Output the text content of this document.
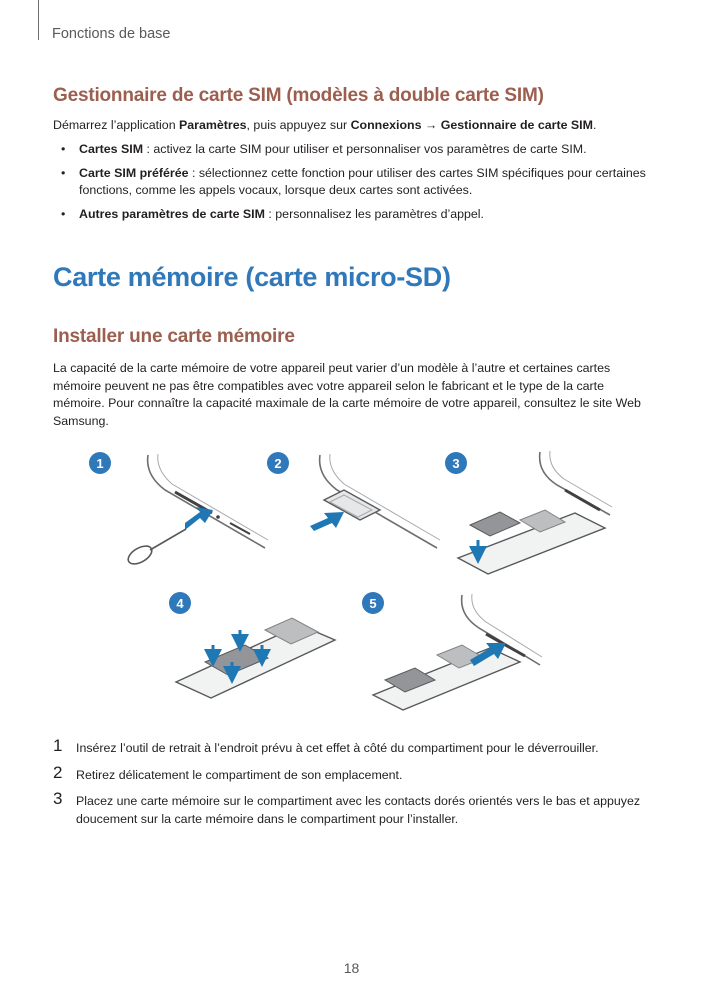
Fonctions de base
Gestionnaire de carte SIM (modèles à double carte SIM)

Démarrez l’application Paramètres, puis appuyez sur Connexions → Gestionnaire de carte SIM.

• Cartes SIM : activez la carte SIM pour utiliser et personnaliser vos paramètres de carte SIM.
• Carte SIM préférée : sélectionnez cette fonction pour utiliser des cartes SIM spécifiques pour certaines fonctions, comme les appels vocaux, lorsque deux cartes sont activées.
• Autres paramètres de carte SIM : personnalisez les paramètres d’appel.
Carte mémoire (carte micro-SD)
Installer une carte mémoire

La capacité de la carte mémoire de votre appareil peut varier d’un modèle à l’autre et certaines cartes mémoire peuvent ne pas être compatibles avec votre appareil selon le fabricant et le type de la carte mémoire. Pour connaître la capacité maximale de la carte mémoire de votre appareil, consultez le site Web Samsung.

1	2	3
4	5
1 Insérez l’outil de retrait à l’endroit prévu à cet effet à côté du compartiment pour le déverrouiller.
2 Retirez délicatement le compartiment de son emplacement.
3 Placez une carte mémoire sur le compartiment avec les contacts dorés orientés vers le bas et appuyez doucement sur la carte mémoire dans le compartiment pour l’installer.
18
